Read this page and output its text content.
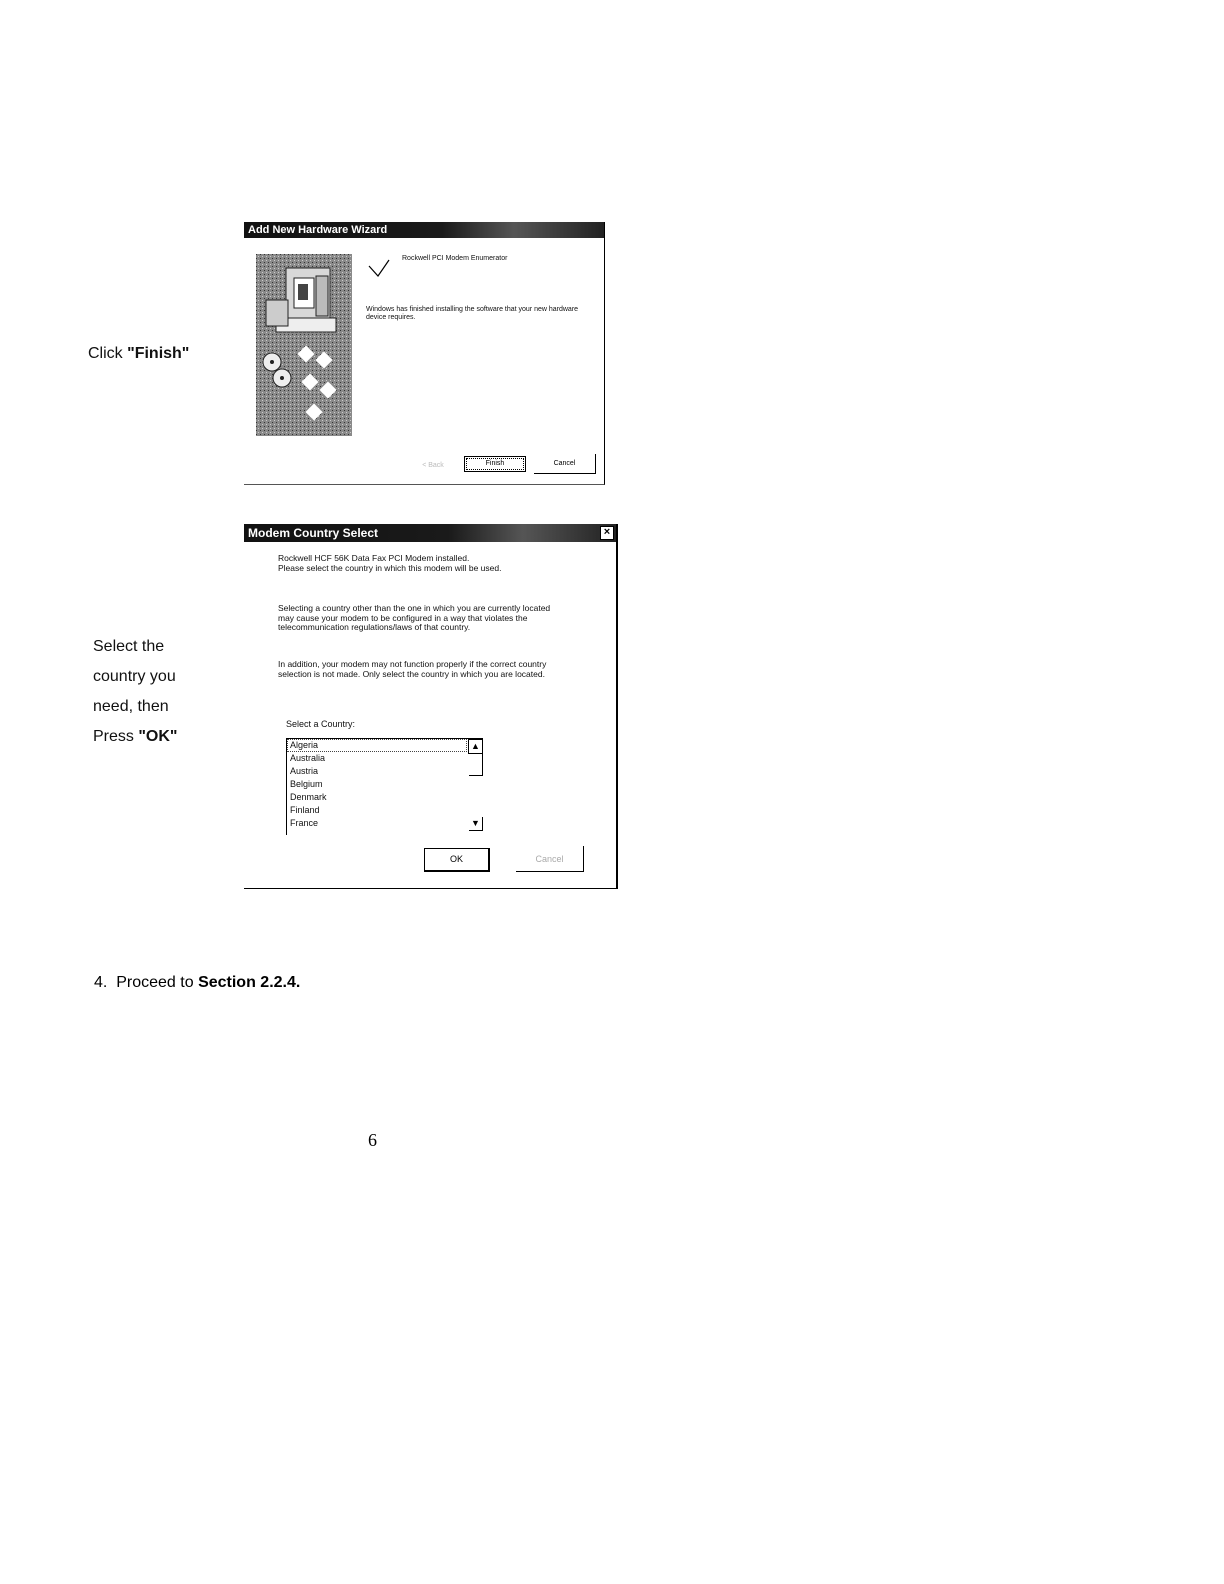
Click "Finish"
Add New Hardware Wizard
Rockwell PCI Modem Enumerator
Windows has finished installing the software that your new hardware device requires.
< Back	Finish	Cancel
Select the
country you
need, then
Press "OK"
Modem Country Select	×
Rockwell HCF 56K Data Fax PCI Modem installed.
Please select the country in which this modem will be used.
Selecting a country other than the one in which you are currently located may cause your modem to be configured in a way that violates the telecommunication regulations/laws of that country.
In addition, your modem may not function properly if the correct country selection is not made. Only select the country in which you are located.
Select a Country:
Algeria
Australia
Austria
Belgium
Denmark
Finland
France
▲
▼
OK	Cancel
4. Proceed to Section 2.2.4.
6
